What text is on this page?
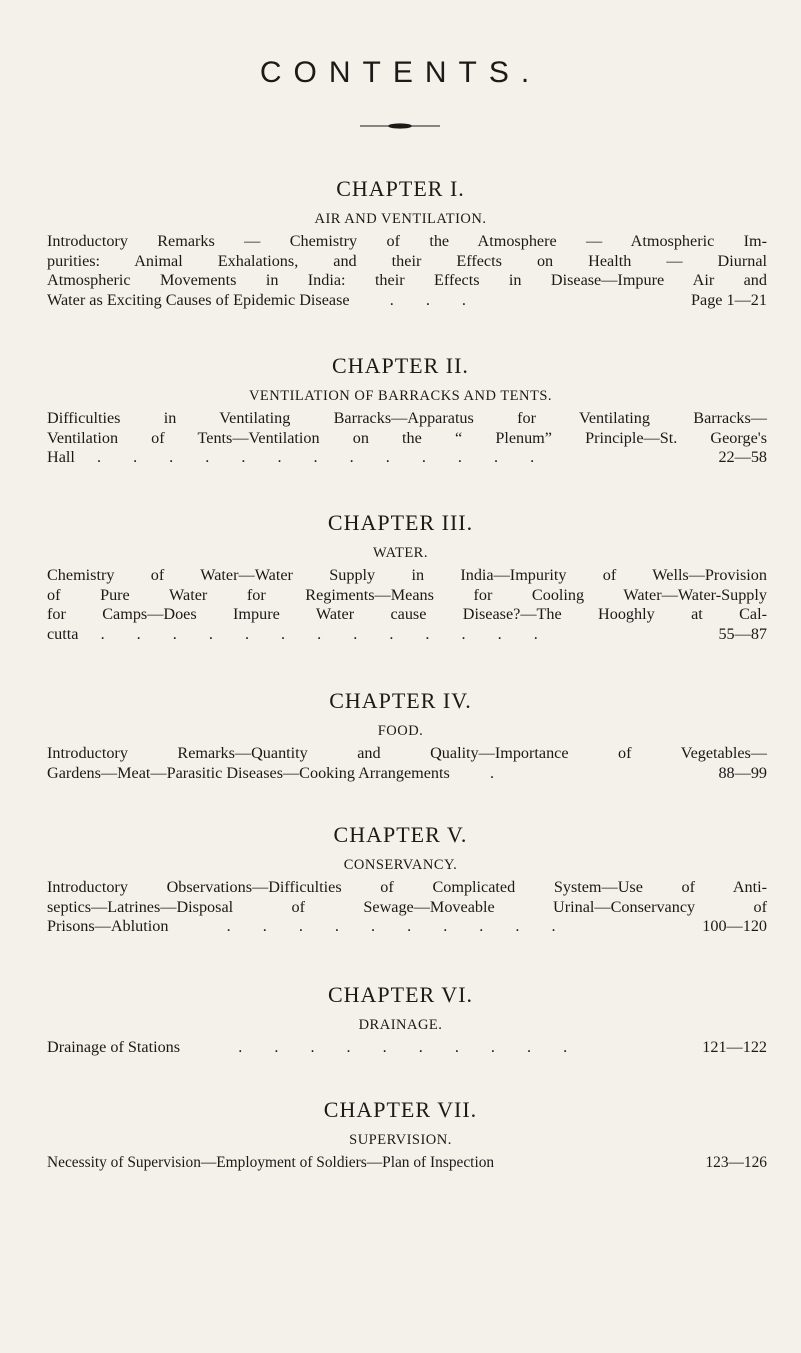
CONTENTS.
CHAPTER I.
AIR AND VENTILATION.

Introductory Remarks — Chemistry of the Atmosphere — Atmospheric Im-

purities: Animal Exhalations, and their Effects on Health — Diurnal

Atmospheric Movements in India: their Effects in Disease—Impure Air and

Water as Exciting Causes of Epidemic Disease   . . .	Page 1—21

CHAPTER II.
VENTILATION OF BARRACKS AND TENTS.

Difficulties in Ventilating Barracks—Apparatus for Ventilating Barracks—

Ventilation of Tents—Ventilation on the “ Plenum” Principle—St. George's

Hall  . . . . . . . . . . . . .	22—58

CHAPTER III.
WATER.

Chemistry of Water—Water Supply in India—Impurity of Wells—Provision

of Pure Water for Regiments—Means for Cooling Water—Water-Supply

for Camps—Does Impure Water cause Disease?—The Hooghly at Cal-

cutta  . . . . . . . . . . . . .	55—87

CHAPTER IV.
FOOD.

Introductory Remarks—Quantity and Quality—Importance of Vegetables—

Gardens—Meat—Parasitic Diseases—Cooking Arrangements   .	88—99

CHAPTER V.
CONSERVANCY.

Introductory Observations—Difficulties of Complicated System—Use of Anti-

septics—Latrines—Disposal of Sewage—Moveable Urinal—Conservancy of

Prisons—Ablution    . . . . . . . . . .	100—120

CHAPTER VI.
DRAINAGE.

Drainage of Stations    . . . . . . . . . .	121—122

CHAPTER VII.
SUPERVISION.

Necessity of Supervision—Employment of Soldiers—Plan of Inspection	123—126
